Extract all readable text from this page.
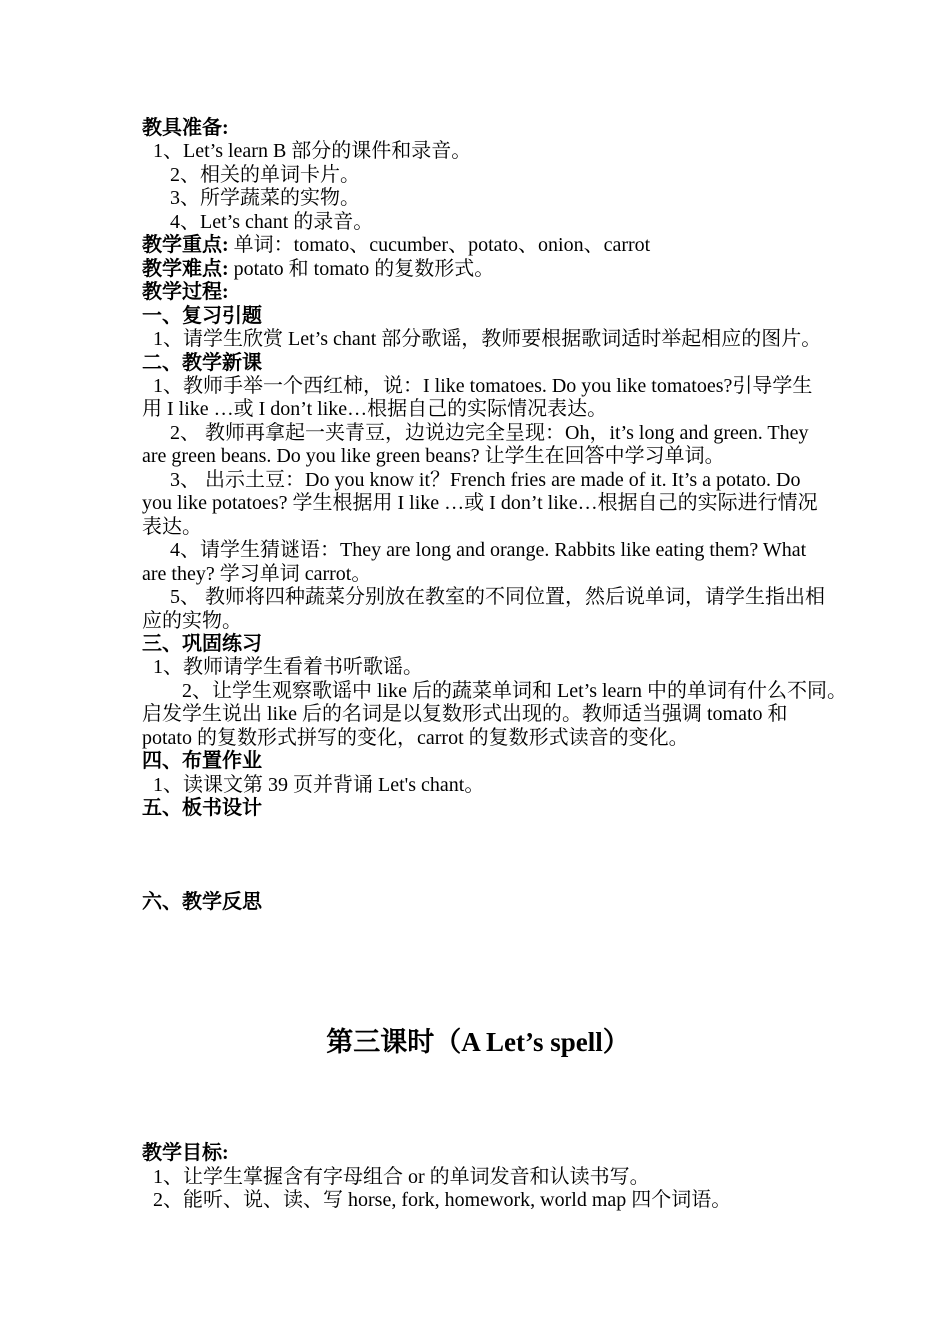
教具准备:
1、Let’s learn B 部分的课件和录音。
2、相关的单词卡片。
3、所学蔬菜的实物。
4、Let’s chant 的录音。
教学重点: 单词：tomato、cucumber、potato、onion、carrot
教学难点: potato 和 tomato 的复数形式。
教学过程:
一、复习引题
1、请学生欣赏 Let’s chant 部分歌谣，教师要根据歌词适时举起相应的图片。
二、教学新课
1、教师手举一个西红柿，说：I like tomatoes. Do you like tomatoes?引导学生
用 I like …或 I don’t like…根据自己的实际情况表达。
2、 教师再拿起一夹青豆，边说边完全呈现：Oh，it’s long and green. They
are green beans. Do you like green beans? 让学生在回答中学习单词。
3、 出示土豆：Do you know it？French fries are made of it. It’s a potato. Do
you like potatoes? 学生根据用 I like …或 I don’t like…根据自己的实际进行情况
表达。
4、请学生猜谜语：They are long and orange. Rabbits like eating them? What
are they? 学习单词 carrot。
5、 教师将四种蔬菜分别放在教室的不同位置，然后说单词，请学生指出相
应的实物。
三、巩固练习
1、教师请学生看着书听歌谣。
2、让学生观察歌谣中 like 后的蔬菜单词和 Let’s learn 中的单词有什么不同。
启发学生说出 like 后的名词是以复数形式出现的。教师适当强调 tomato 和
potato 的复数形式拼写的变化，carrot 的复数形式读音的变化。
四、布置作业
1、读课文第 39 页并背诵 Let's chant。
五、板书设计
六、教学反思
第三课时（A Let’s spell）
教学目标:
1、让学生掌握含有字母组合 or 的单词发音和认读书写。
2、能听、说、读、写 horse, fork, homework, world map 四个词语。
